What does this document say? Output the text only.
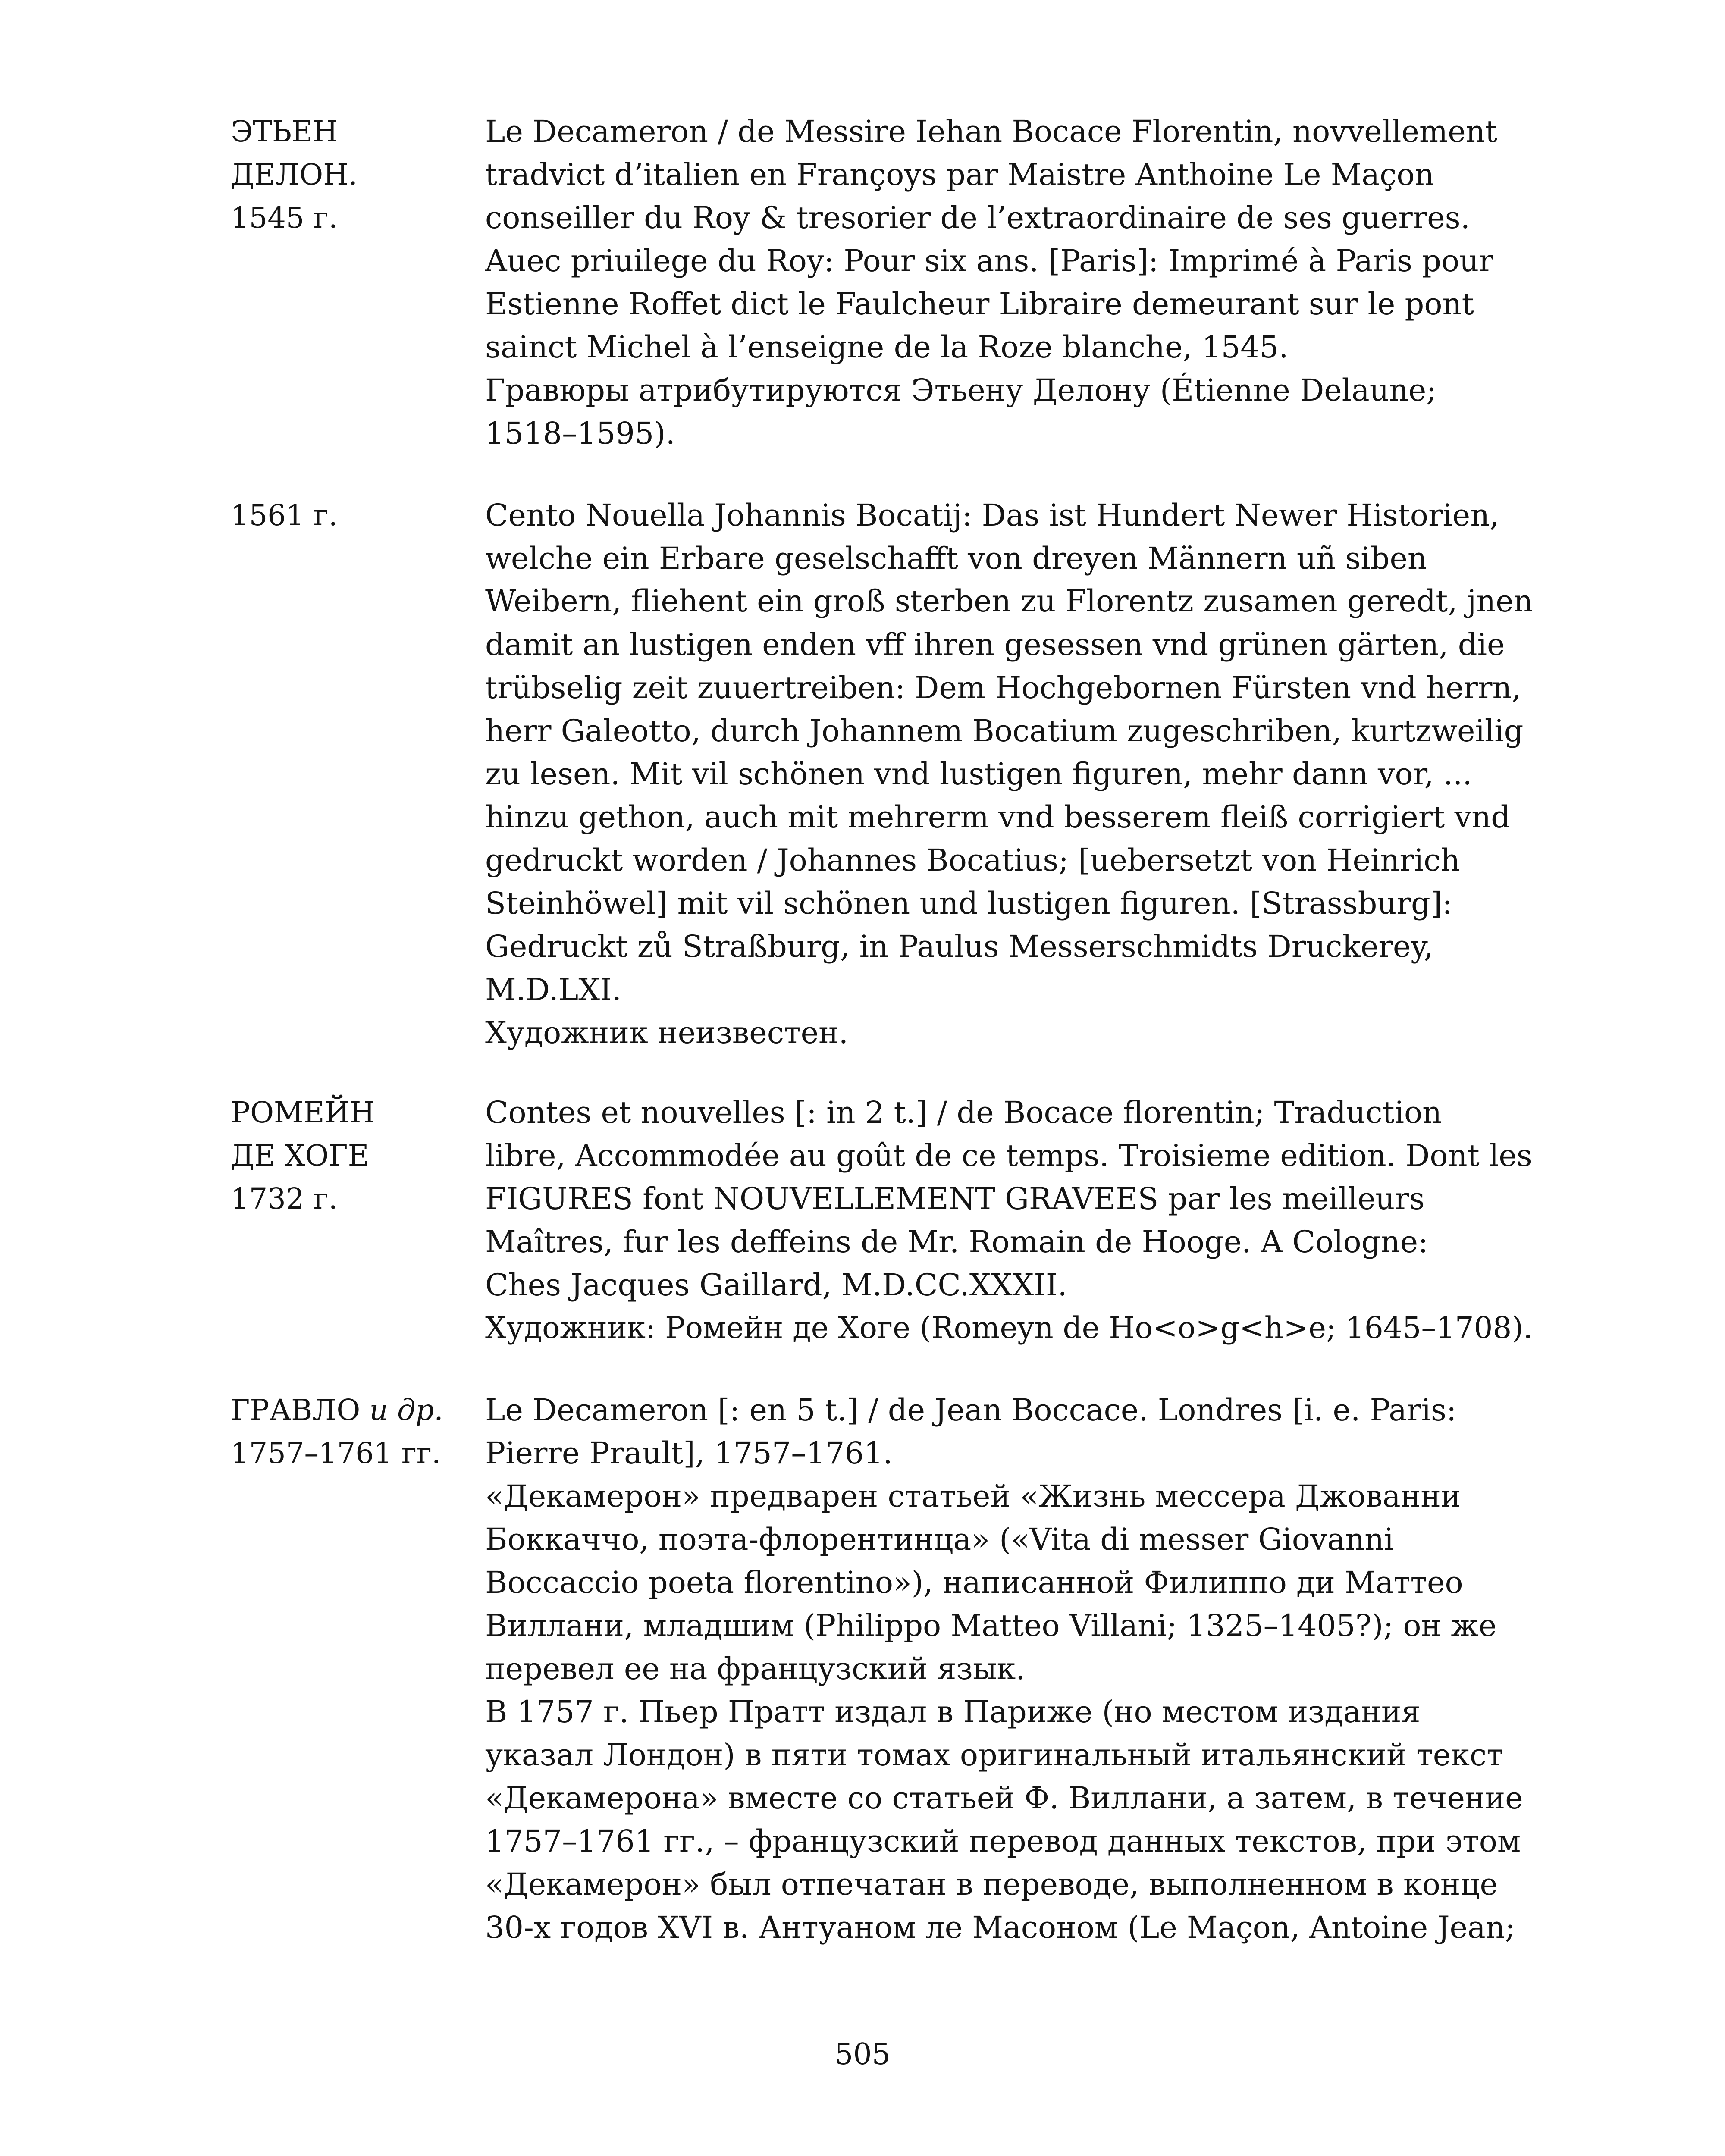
ЭТЬЕН
ДЕЛОН.
1545 г.
Le Decameron / de Messire Iehan Bocace Florentin, novvellement
tradvict d’italien en Françoys par Maistre Anthoine Le Maçon
conseiller du Roy & tresorier de l’extraordinaire de ses guerres.
Auec priuilege du Roy: Pour six ans. [Paris]: Imprimé à Paris pour
Estienne Roffet dict le Faulcheur Libraire demeurant sur le pont
sainct Michel à l’enseigne de la Roze blanche, 1545.
Гравюры атрибутируются Этьену Делону (Étienne Delaune;
1518–1595).
1561 г.	Cento Nouella Johannis Bocatij: Das ist Hundert Newer Historien,
welche ein Erbare geselschafft von dreyen Männern uñ siben
Weibern, fliehent ein groß sterben zu Florentz zusamen geredt, jnen
damit an lustigen enden vff ihren gesessen vnd grünen gärten, die
trübselig zeit zuuertreiben: Dem Hochgebornen Fürsten vnd herrn,
herr Galeotto, durch Johannem Bocatium zugeschriben, kurtzweilig
zu lesen. Mit vil schönen vnd lustigen figuren, mehr dann vor, ...
hinzu gethon, auch mit mehrerm vnd besserem fleiß corrigiert vnd
gedruckt worden / Johannes Bocatius; [uebersetzt von Heinrich
Steinhöwel] mit vil schönen und lustigen figuren. [Strassburg]:
Gedruckt zů Straßburg, in Paulus Messerschmidts Druckerey,
M.D.LXI.
Художник неизвестен.
РОМЕЙН
ДЕ ХОГЕ
1732 г.
Contes et nouvelles [: in 2 t.] / de Bocace florentin; Traduction
libre, Accommodée au goût de ce temps. Troisieme edition. Dont les
FIGURES font NOUVELLEMENT GRAVEES par les meilleurs
Maîtres, fur les deffeins de Mr. Romain de Hooge. A Cologne:
Ches Jacques Gaillard, M.D.CC.XXXII.
Художник: Ромейн де Хоге (Romeyn de Ho<o>g<h>e; 1645–1708).
ГРАВЛО и др.
1757–1761 гг.
Le Decameron [: en 5 t.] / de Jean Boccace. Londres [i. e. Paris:
Pierre Prault], 1757–1761.
«Декамерон» предварен статьей «Жизнь мессера Джованни
Боккаччо, поэта-флорентинца» («Vita di messer Giovanni
Boccaccio poeta florentino»), написанной Филиппо ди Маттео
Виллани, младшим (Philippo Matteo Villani; 1325–1405?); он же
перевел ее на французский язык.
В 1757 г. Пьер Пратт издал в Париже (но местом издания
указал Лондон) в пяти томах оригинальный итальянский текст
«Декамерона» вместе со статьей Ф. Виллани, а затем, в течение
1757–1761 гг., – французский перевод данных текстов, при этом
«Декамерон» был отпечатан в переводе, выполненном в конце
30-х годов XVI в. Антуаном ле Масоном (Le Maçon, Antoine Jean;
505
